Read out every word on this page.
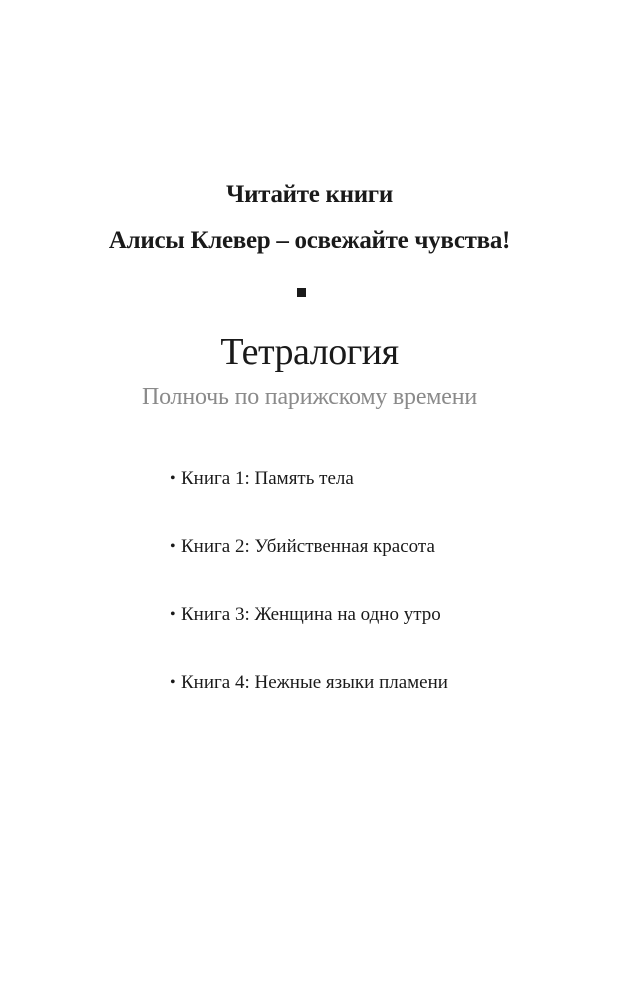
Читайте книги
Алисы Клевер – освежайте чувства!
Тетралогия
Полночь по парижскому времени
• Книга 1: Память тела
• Книга 2: Убийственная красота
• Книга 3: Женщина на одно утро
• Книга 4: Нежные языки пламени
